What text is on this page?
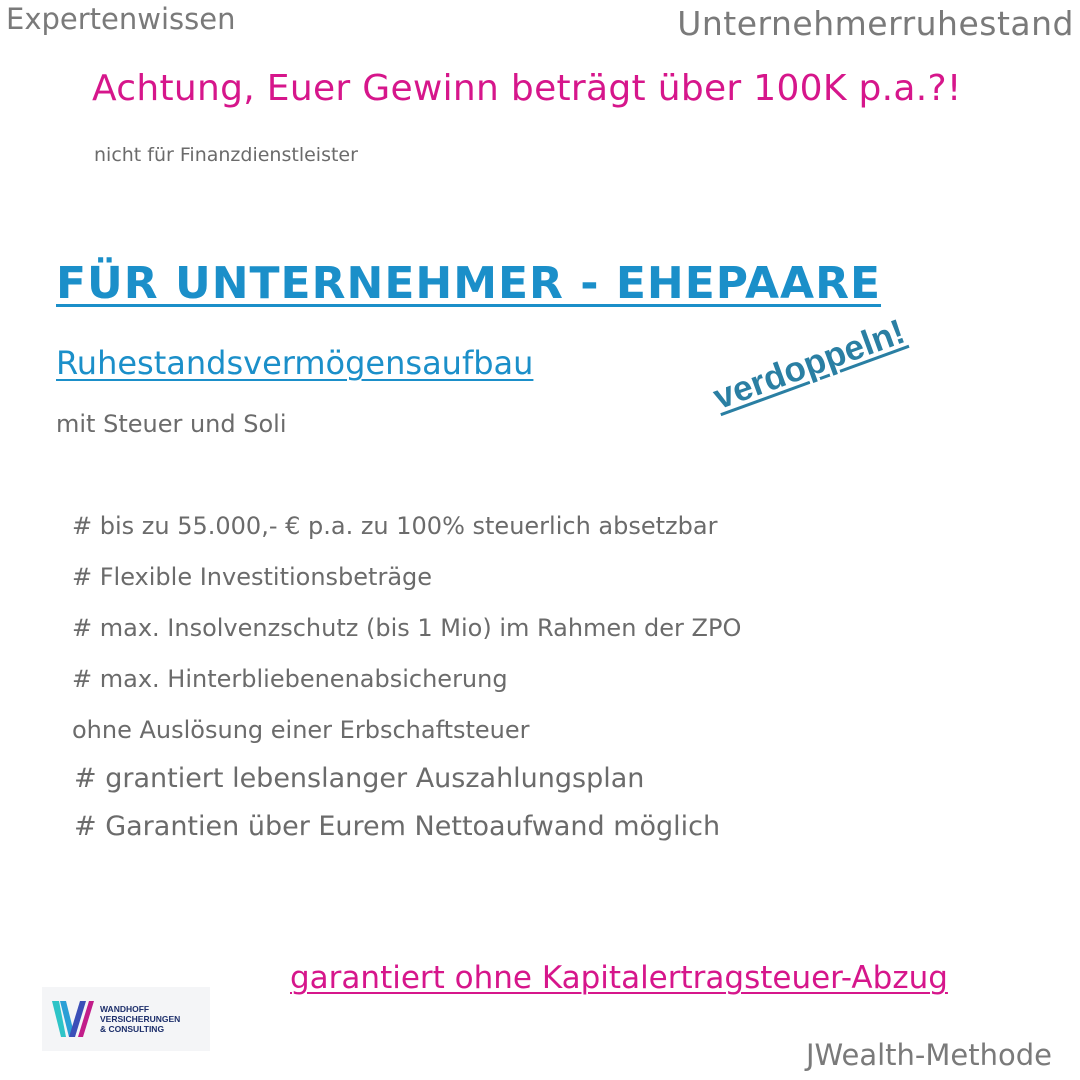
Expertenwissen	Unternehmerruhestand
Achtung, Euer Gewinn beträgt über 100K p.a.?!
nicht für Finanzdienstleister
FÜR UNTERNEHMER - EHEPAARE
Ruhestandsvermögensaufbau
mit Steuer und Soli
verdoppeln!
# bis zu 55.000,- € p.a. zu 100% steuerlich absetzbar
# Flexible Investitionsbeträge
# max. Insolvenzschutz (bis 1 Mio) im Rahmen der ZPO
# max. Hinterbliebenenabsicherung
ohne Auslösung einer Erbschaftsteuer
# grantiert lebenslanger Auszahlungsplan
# Garantien über Eurem Nettoaufwand möglich
garantiert ohne Kapitalertragsteuer-Abzug
WANDHOFF
VERSICHERUNGEN
& CONSULTING
JWealth-Methode
